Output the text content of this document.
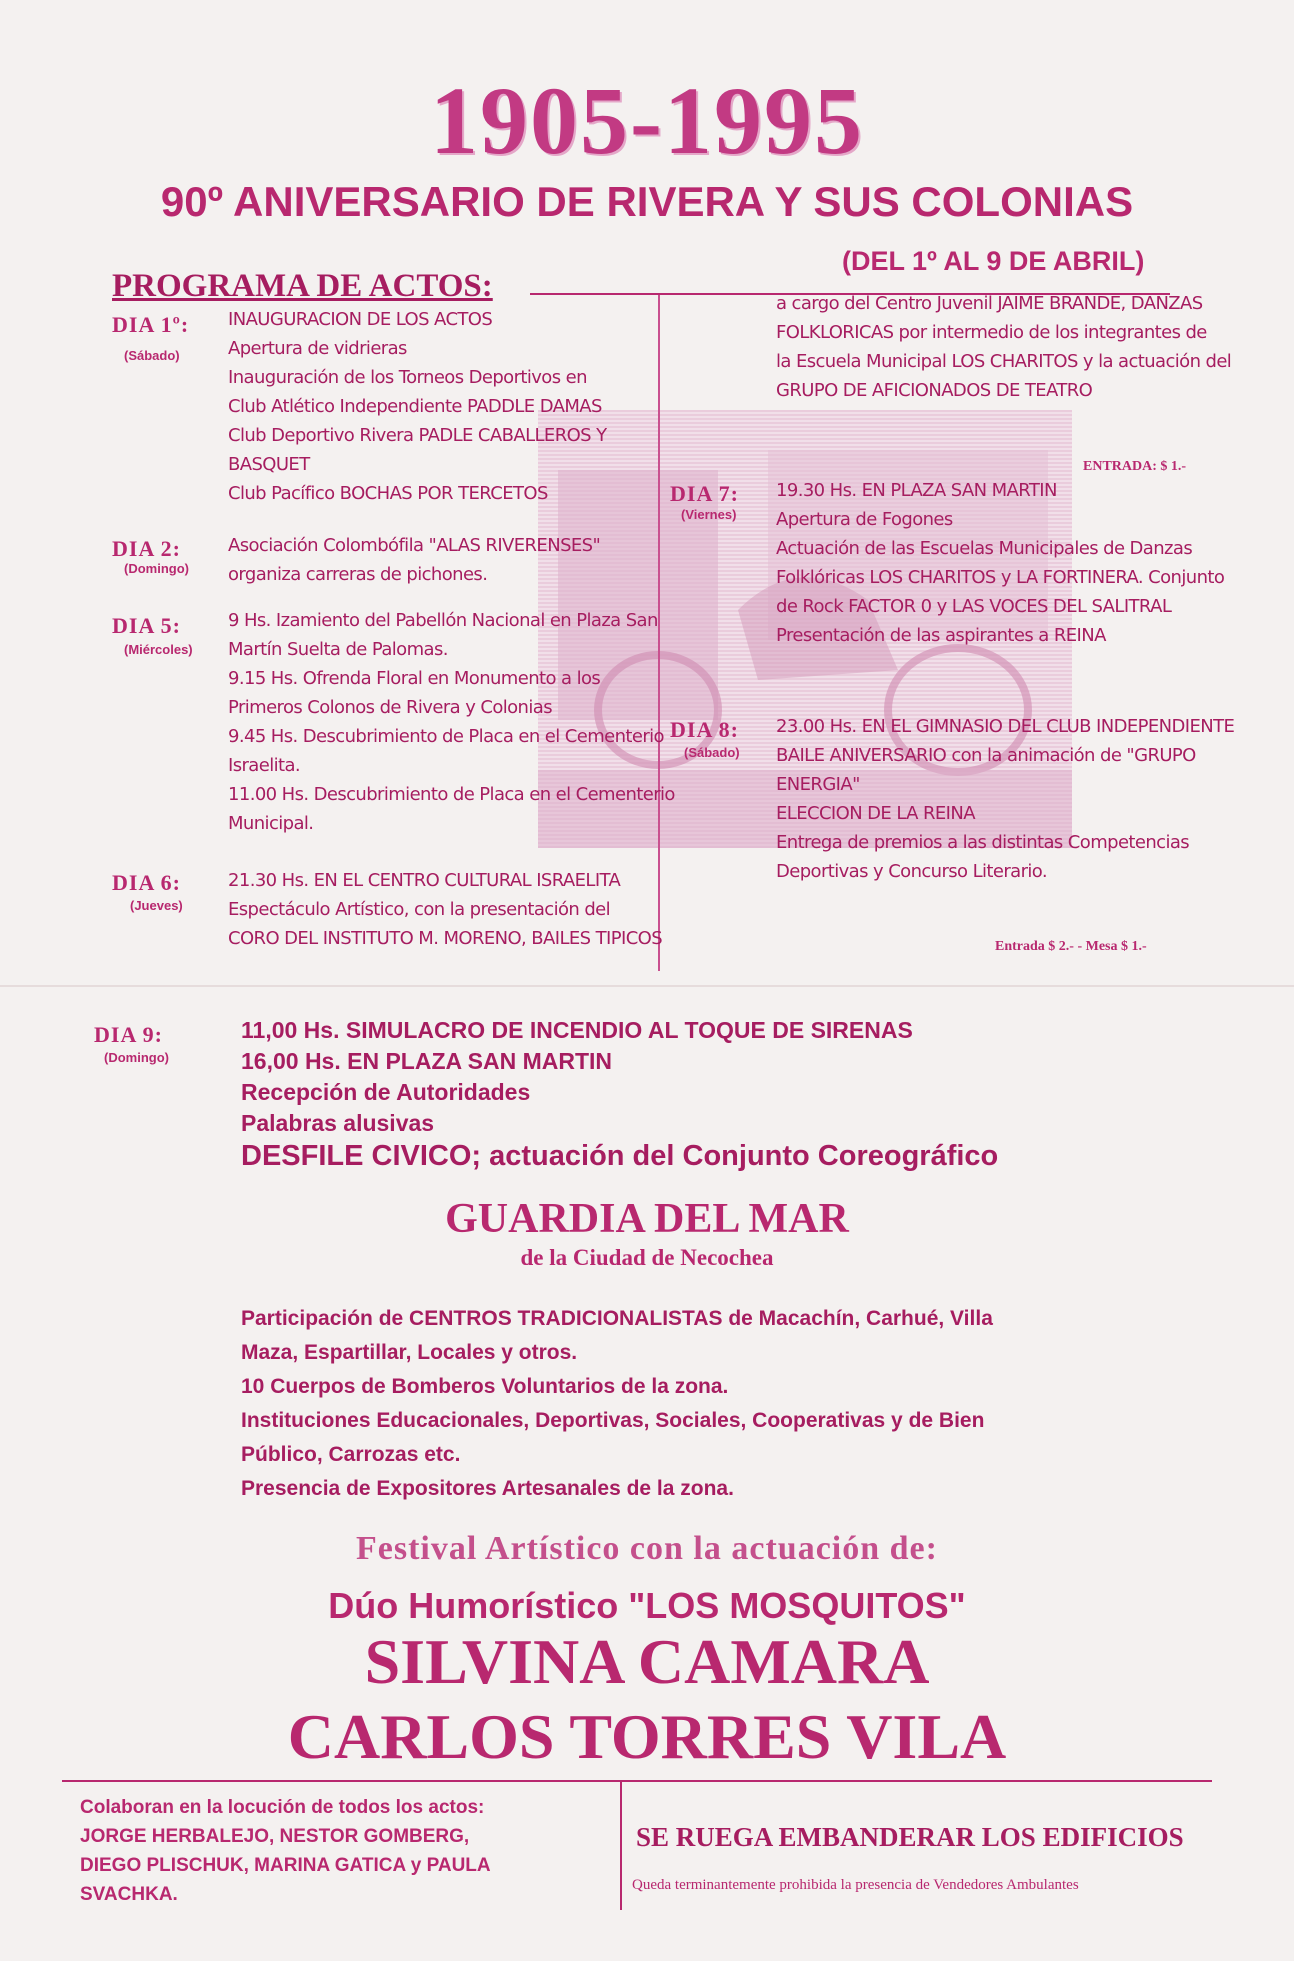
1905-1995
90º ANIVERSARIO DE RIVERA Y SUS COLONIAS
(DEL 1º AL 9 DE ABRIL)
PROGRAMA DE ACTOS:
DIA 1º:
(Sábado)
INAUGURACION DE LOS ACTOS
Apertura de vidrieras
Inauguración de los Torneos Deportivos en
Club Atlético Independiente PADDLE DAMAS
Club Deportivo Rivera PADLE CABALLEROS Y
BASQUET
Club Pacífico BOCHAS POR TERCETOS
DIA 2:
(Domingo)
Asociación Colombófila "ALAS RIVERENSES"
organiza carreras de pichones.
DIA 5:
(Miércoles)
9 Hs. Izamiento del Pabellón Nacional en Plaza San
Martín Suelta de Palomas.
9.15 Hs. Ofrenda Floral en Monumento a los
Primeros Colonos de Rivera y Colonias
9.45 Hs. Descubrimiento de Placa en el Cementerio
Israelita.
11.00 Hs. Descubrimiento de Placa en el Cementerio
Municipal.
DIA 6:
(Jueves)
21.30 Hs. EN EL CENTRO CULTURAL ISRAELITA
Espectáculo Artístico, con la presentación del
CORO DEL INSTITUTO M. MORENO, BAILES TIPICOS
a cargo del Centro Juvenil JAIME BRANDE, DANZAS
FOLKLORICAS por intermedio de los integrantes de
la Escuela Municipal LOS CHARITOS y la actuación del
GRUPO DE AFICIONADOS DE TEATRO
ENTRADA: $ 1.-
DIA 7:
(Viernes)
19.30 Hs. EN PLAZA SAN MARTIN
Apertura de Fogones
Actuación de las Escuelas Municipales de Danzas
Folklóricas LOS CHARITOS y LA FORTINERA. Conjunto
de Rock FACTOR 0 y LAS VOCES DEL SALITRAL
Presentación de las aspirantes a REINA
DIA 8:
(Sábado)
23.00 Hs. EN EL GIMNASIO DEL CLUB INDEPENDIENTE
BAILE ANIVERSARIO con la animación de "GRUPO
ENERGIA"
ELECCION DE LA REINA
Entrega de premios a las distintas Competencias
Deportivas y Concurso Literario.
Entrada $ 2.- - Mesa $ 1.-
DIA 9:
(Domingo)
11,00 Hs. SIMULACRO DE INCENDIO AL TOQUE DE SIRENAS
16,00 Hs. EN PLAZA SAN MARTIN
Recepción de Autoridades
Palabras alusivas
DESFILE CIVICO; actuación del Conjunto Coreográfico
GUARDIA DEL MAR
de la Ciudad de Necochea
Participación de CENTROS TRADICIONALISTAS de Macachín, Carhué, Villa
Maza, Espartillar, Locales y otros.
10 Cuerpos de Bomberos Voluntarios de la zona.
Instituciones Educacionales, Deportivas, Sociales, Cooperativas y de Bien
Público, Carrozas etc.
Presencia de Expositores Artesanales de la zona.
Festival Artístico con la actuación de:
Dúo Humorístico "LOS MOSQUITOS"
SILVINA CAMARA
CARLOS TORRES VILA
Colaboran en la locución de todos los actos:
JORGE HERBALEJO, NESTOR GOMBERG,
DIEGO PLISCHUK, MARINA GATICA y PAULA
SVACHKA.
SE RUEGA EMBANDERAR LOS EDIFICIOS
Queda terminantemente prohibida la presencia de Vendedores Ambulantes
